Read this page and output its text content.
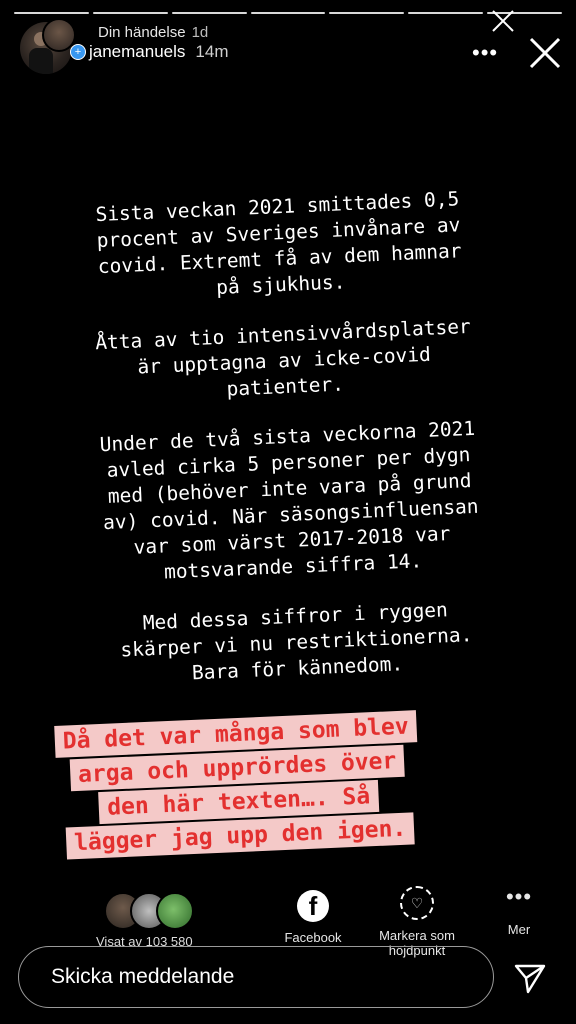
Din händelse 1d
+ janemanuels 14m	•••

Sista veckan 2021 smittades 0,5
procent av Sveriges invånare av
covid. Extremt få av dem hamnar
på sjukhus.

Åtta av tio intensivvårdsplatser
är upptagna av icke-covid
patienter.

Under de två sista veckorna 2021
avled cirka 5 personer per dygn
med (behöver inte vara på grund
av) covid. När säsongsinfluensan
var som värst 2017-2018 var
motsvarande siffra 14.

Med dessa siffror i ryggen
skärper vi nu restriktionerna.
Bara för kännedom.

Då det var många som blev
arga och upprördes över
den här texten…. Så
lägger jag upp den igen.
Visat av 103 580
f
Facebook
♡
Markera som
höjdpunkt
•••
Mer
Skicka meddelande
